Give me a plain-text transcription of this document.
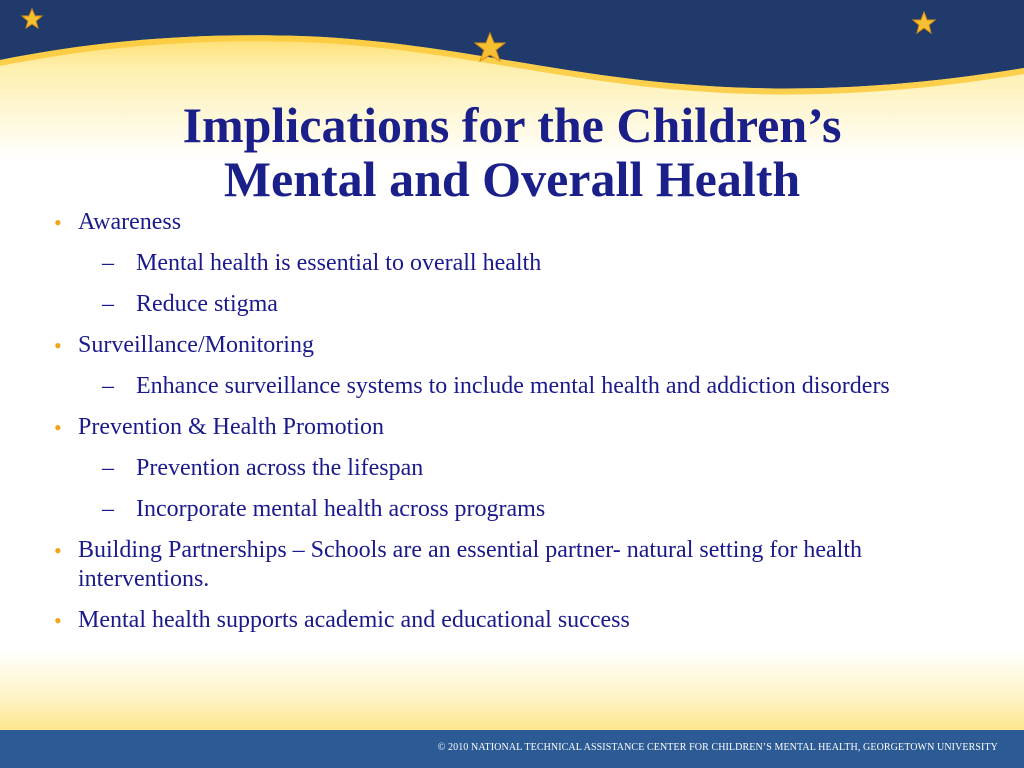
Implications for the Children’s
Mental and Overall Health
• Awareness
– Mental health is essential to overall health
– Reduce stigma
• Surveillance/Monitoring
– Enhance surveillance systems to include mental health and addiction disorders
• Prevention & Health Promotion
– Prevention across the lifespan
– Incorporate mental health across programs
• Building Partnerships – Schools are an essential partner- natural setting for health interventions.
• Mental health supports academic and educational success
© 2010 NATIONAL TECHNICAL ASSISTANCE CENTER FOR CHILDREN’S MENTAL HEALTH, GEORGETOWN UNIVERSITY
